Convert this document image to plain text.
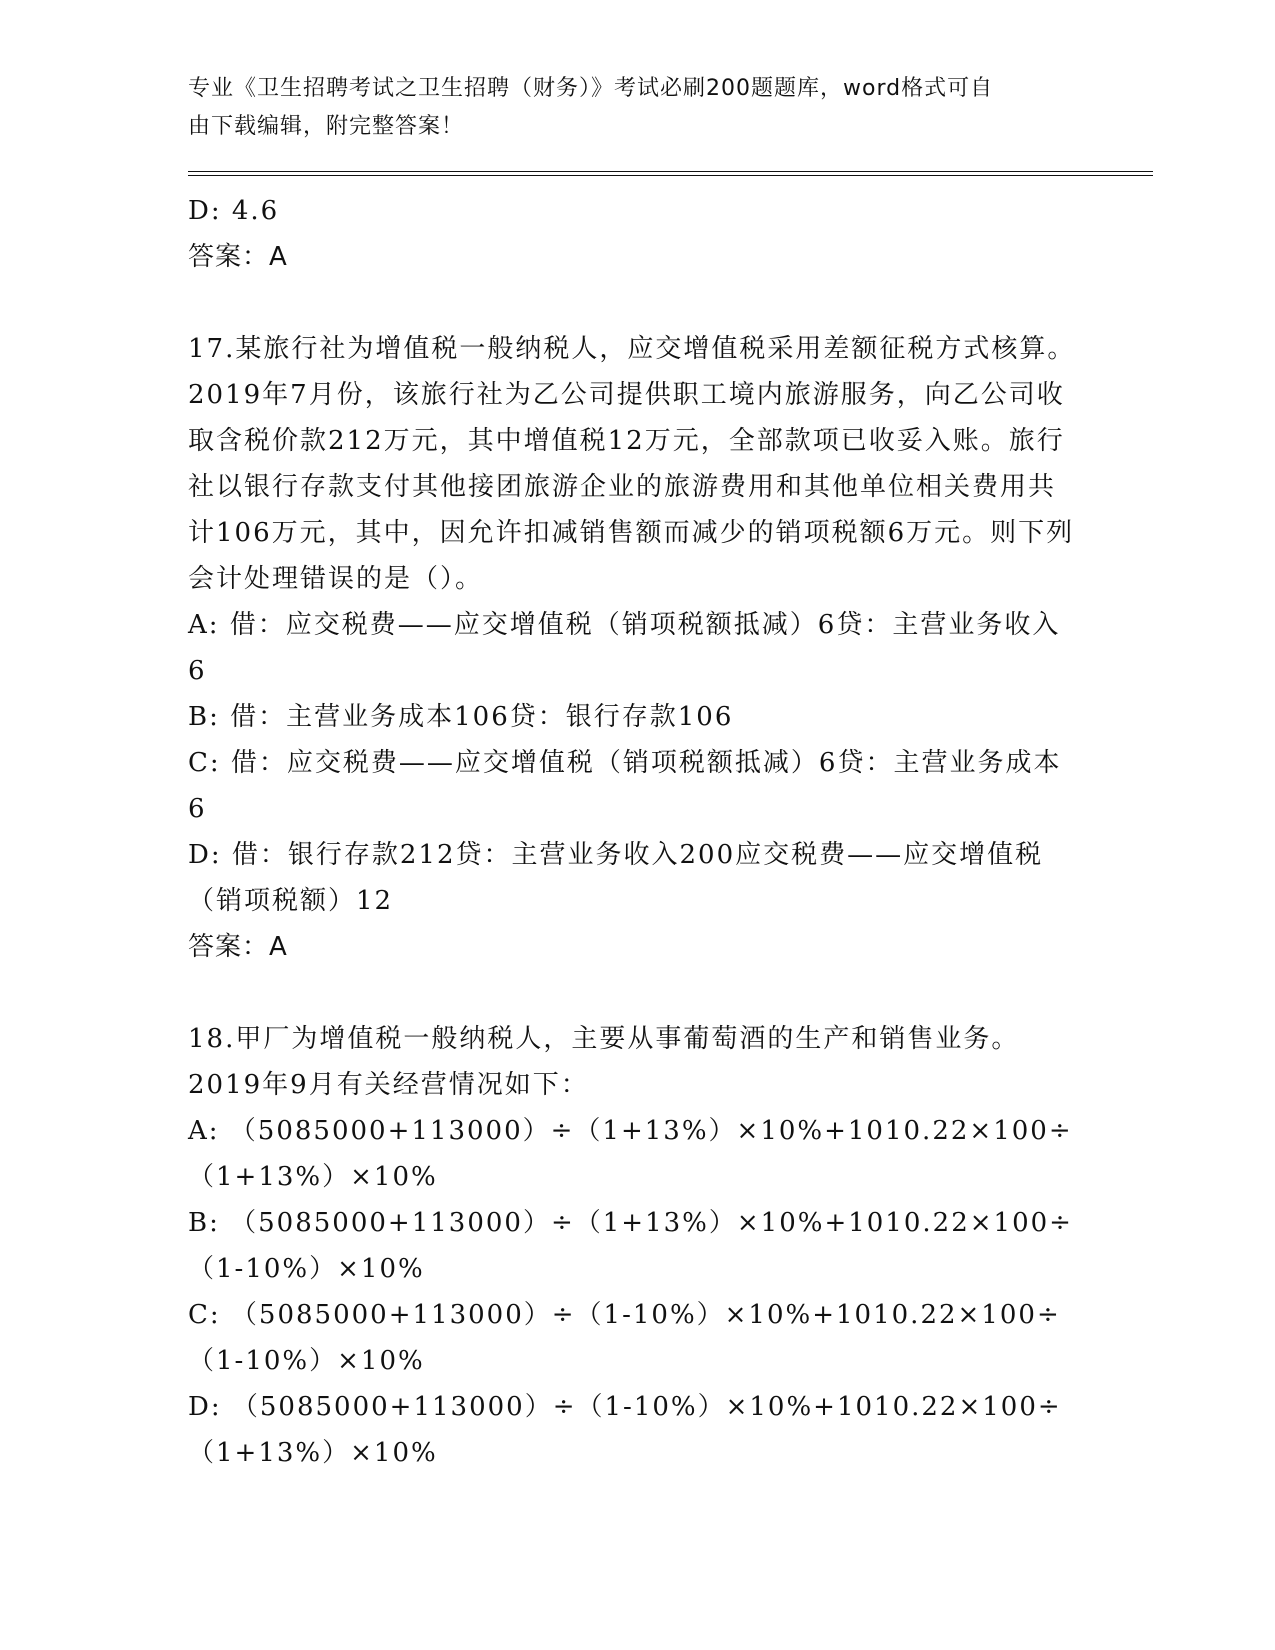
专业《卫生招聘考试之卫生招聘（财务）》考试必刷200题题库，word格式可自
由下载编辑，附完整答案！

D: 4.6

答案：A

17.某旅行社为增值税一般纳税人，应交增值税采用差额征税方式核算。2019年7月份，该旅行社为乙公司提供职工境内旅游服务，向乙公司收取含税价款212万元，其中增值税12万元，全部款项已收妥入账。旅行社以银行存款支付其他接团旅游企业的旅游费用和其他单位相关费用共计106万元，其中，因允许扣减销售额而减少的销项税额6万元。则下列会计处理错误的是（）。

A: 借：应交税费——应交增值税（销项税额抵减）6贷：主营业务收入6

B: 借：主营业务成本106贷：银行存款106

C: 借：应交税费——应交增值税（销项税额抵减）6贷：主营业务成本6

D: 借：银行存款212贷：主营业务收入200应交税费——应交增值税（销项税额）12

答案：A

18.甲厂为增值税一般纳税人，主要从事葡萄酒的生产和销售业务。2019年9月有关经营情况如下：

A: （5085000+113000）÷（1+13%）×10%+1010.22×100÷（1+13%）×10%

B: （5085000+113000）÷（1+13%）×10%+1010.22×100÷（1-10%）×10%

C: （5085000+113000）÷（1-10%）×10%+1010.22×100÷（1-10%）×10%

D: （5085000+113000）÷（1-10%）×10%+1010.22×100÷（1+13%）×10%
